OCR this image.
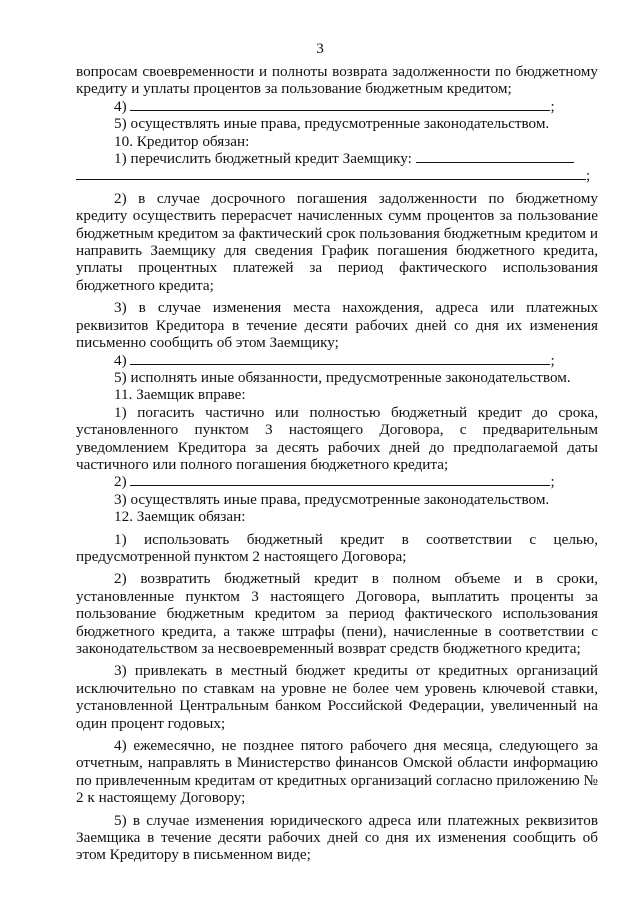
3
вопросам своевременности и полноты возврата задолженности по бюджетному кредиту и уплаты процентов за пользование бюджетным кредитом;
4)	;
5) осуществлять иные права, предусмотренные законодательством.
10. Кредитор обязан:
1) перечислить бюджетный кредит Заемщику:
;
2) в случае досрочного погашения задолженности по бюджетному кредиту осуществить перерасчет начисленных сумм процентов за пользование бюджетным кредитом за фактический срок пользования бюджетным кредитом и направить Заемщику для сведения График погашения бюджетного кредита, уплаты процентных платежей за период фактического использования бюджетного кредита;
3) в случае изменения места нахождения, адреса или платежных реквизитов Кредитора в течение десяти рабочих дней со дня их изменения письменно сообщить об этом Заемщику;
4)	;
5) исполнять иные обязанности, предусмотренные законодательством.
11. Заемщик вправе:
1) погасить частично или полностью бюджетный кредит до срока, установленного пунктом 3 настоящего Договора, с предварительным уведомлением Кредитора за десять рабочих дней до предполагаемой даты частичного или полного погашения бюджетного кредита;
2)	;
3) осуществлять иные права, предусмотренные законодательством.
12. Заемщик обязан:
1) использовать бюджетный кредит в соответствии с целью, предусмотренной пунктом 2 настоящего Договора;
2) возвратить бюджетный кредит в полном объеме и в сроки, установленные пунктом 3 настоящего Договора, выплатить проценты за пользование бюджетным кредитом за период фактического использования бюджетного кредита, а также штрафы (пени), начисленные в соответствии с законодательством за несвоевременный возврат средств бюджетного кредита;
3) привлекать в местный бюджет кредиты от кредитных организаций исключительно по ставкам на уровне не более чем уровень ключевой ставки, установленной Центральным банком Российской Федерации, увеличенный на один процент годовых;
4) ежемесячно, не позднее пятого рабочего дня месяца, следующего за отчетным, направлять в Министерство финансов Омской области информацию по привлеченным кредитам от кредитных организаций согласно приложению № 2 к настоящему Договору;
5) в случае изменения юридического адреса или платежных реквизитов Заемщика в течение десяти рабочих дней со дня их изменения сообщить об этом Кредитору в письменном виде;
